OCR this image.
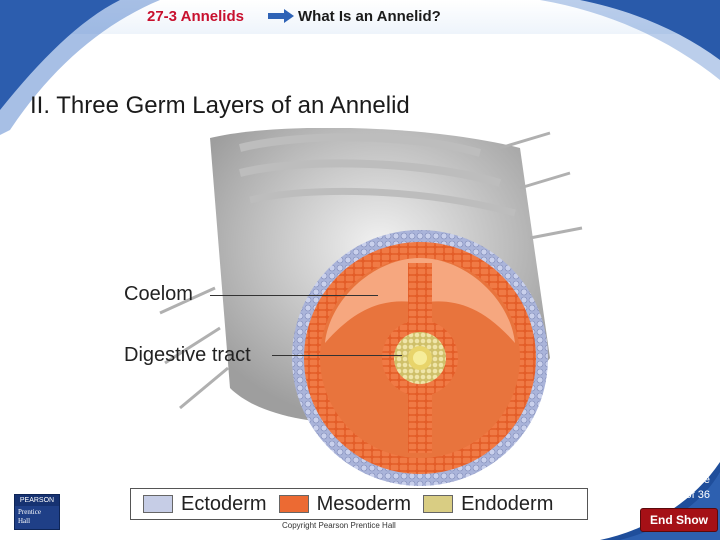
27-3 Annelids	What Is an Annelid?
II. Three Germ Layers of an Annelid
Coelom
Digestive tract
Ectoderm	Mesoderm	Endoderm
Copyright Pearson Prentice Hall
PEARSON
Prentice
Hall
Slide
3 of 36
End Show
